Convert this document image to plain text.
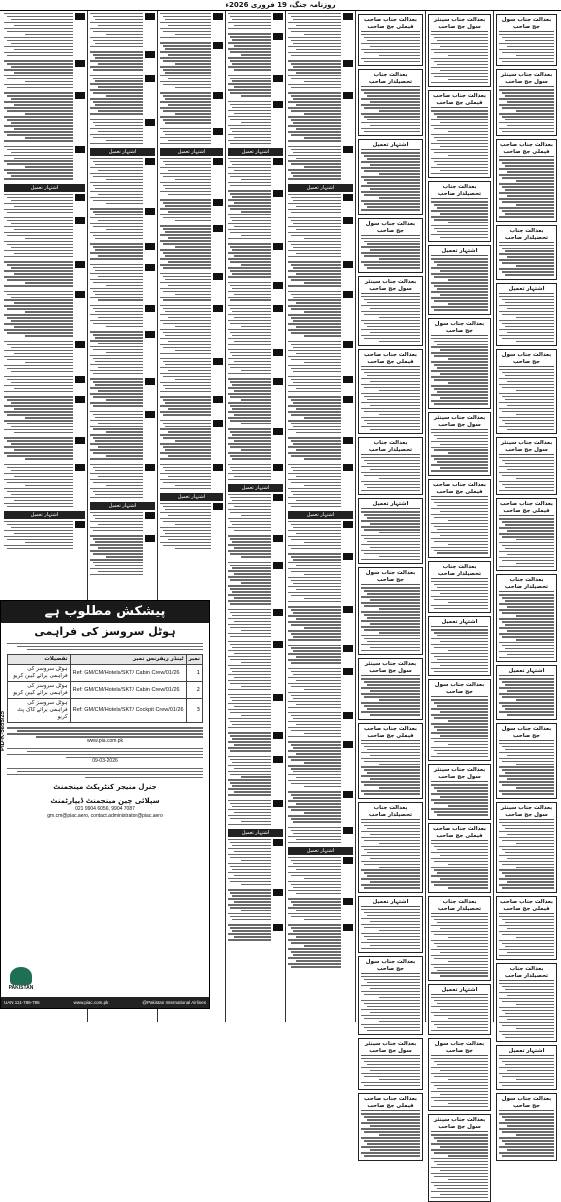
روزنامہ جنگ، 19 فروری 2026ء
بعدالت جناب سول جج صاحب
بعدالت جناب سینئر سول جج صاحب
بعدالت جناب صاحب فیملی جج صاحب
بعدالت جناب تحصیلدار صاحب
اشتہار تعمیل
بعدالت جناب سول جج صاحب
بعدالت جناب سینئر سول جج صاحب
بعدالت جناب صاحب فیملی جج صاحب
بعدالت جناب تحصیلدار صاحب
اشتہار تعمیل
بعدالت جناب سول جج صاحب
بعدالت جناب سینئر سول جج صاحب
بعدالت جناب صاحب فیملی جج صاحب
بعدالت جناب تحصیلدار صاحب
اشتہار تعمیل
بعدالت جناب سول جج صاحب
بعدالت جناب سینئر سول جج صاحب
بعدالت جناب صاحب فیملی جج صاحب
بعدالت جناب تحصیلدار صاحب
اشتہار تعمیل
بعدالت جناب سول جج صاحب
بعدالت جناب سینئر سول جج صاحب
بعدالت جناب صاحب فیملی جج صاحب
بعدالت جناب تحصیلدار صاحب
اشتہار تعمیل
بعدالت جناب سول جج صاحب
بعدالت جناب سینئر سول جج صاحب
بعدالت جناب صاحب فیملی جج صاحب
بعدالت جناب تحصیلدار صاحب
اشتہار تعمیل
بعدالت جناب سول جج صاحب
بعدالت جناب سینئر سول جج صاحب
بعدالت جناب صاحب فیملی جج صاحب
بعدالت جناب تحصیلدار صاحب
اشتہار تعمیل
بعدالت جناب سول جج صاحب
بعدالت جناب سینئر سول جج صاحب
بعدالت جناب صاحب فیملی جج صاحب
بعدالت جناب تحصیلدار صاحب
اشتہار تعمیل
بعدالت جناب سول جج صاحب
بعدالت جناب سینئر سول جج صاحب
بعدالت جناب صاحب فیملی جج صاحب
بعدالت جناب تحصیلدار صاحب
اشتہار تعمیل
بعدالت جناب سول جج صاحب
بعدالت جناب سینئر سول جج صاحب
بعدالت جناب صاحب فیملی جج صاحب

اشتہار تعمیل

اشتہار تعمیل

اشتہار تعمیل

اشتہار تعمیل

اشتہار تعمیل

اشتہار تعمیل

اشتہار تعمیل

اشتہار تعمیل

اشتہار تعمیل

اشتہار تعمیل

اشتہار تعمیل

اشتہار تعمیل

پیشکش مطلوب ہے
ہوٹل سروسز کی فراہمی
نمبر	ٹینڈر ریفرنس نمبر	تفصیلات
1	Ref: GM/CM/Hotels/SKT/ Cabin Crew/01/26	ہوٹل سروسز کی فراہمی برائے کیبن کریو
2	Ref: GM/CM/Hotels/SKT/ Cabin Crew/01/26	ہوٹل سروسز کی فراہمی برائے کیبن کریو
3	Ref: GM/CM/Hotels/SKT/ Cockpit Crew/01/26	ہوٹل سروسز کی فراہمی برائے کاک پٹ کریو
www.pia.com.pk
09-03-2026
جنرل منیجر کنٹریکٹ مینجمنٹ
سپلائی چین مینجمنٹ ڈیپارٹمنٹ
021 9904 6056, 9904 7087
gm.cm@piac.aero, contact.administrator@piac.aero
PAKISTAN
PID-K-5855/25
UAN 111-786-786	www.piac.com.pk	@Pakistan International Airlines
